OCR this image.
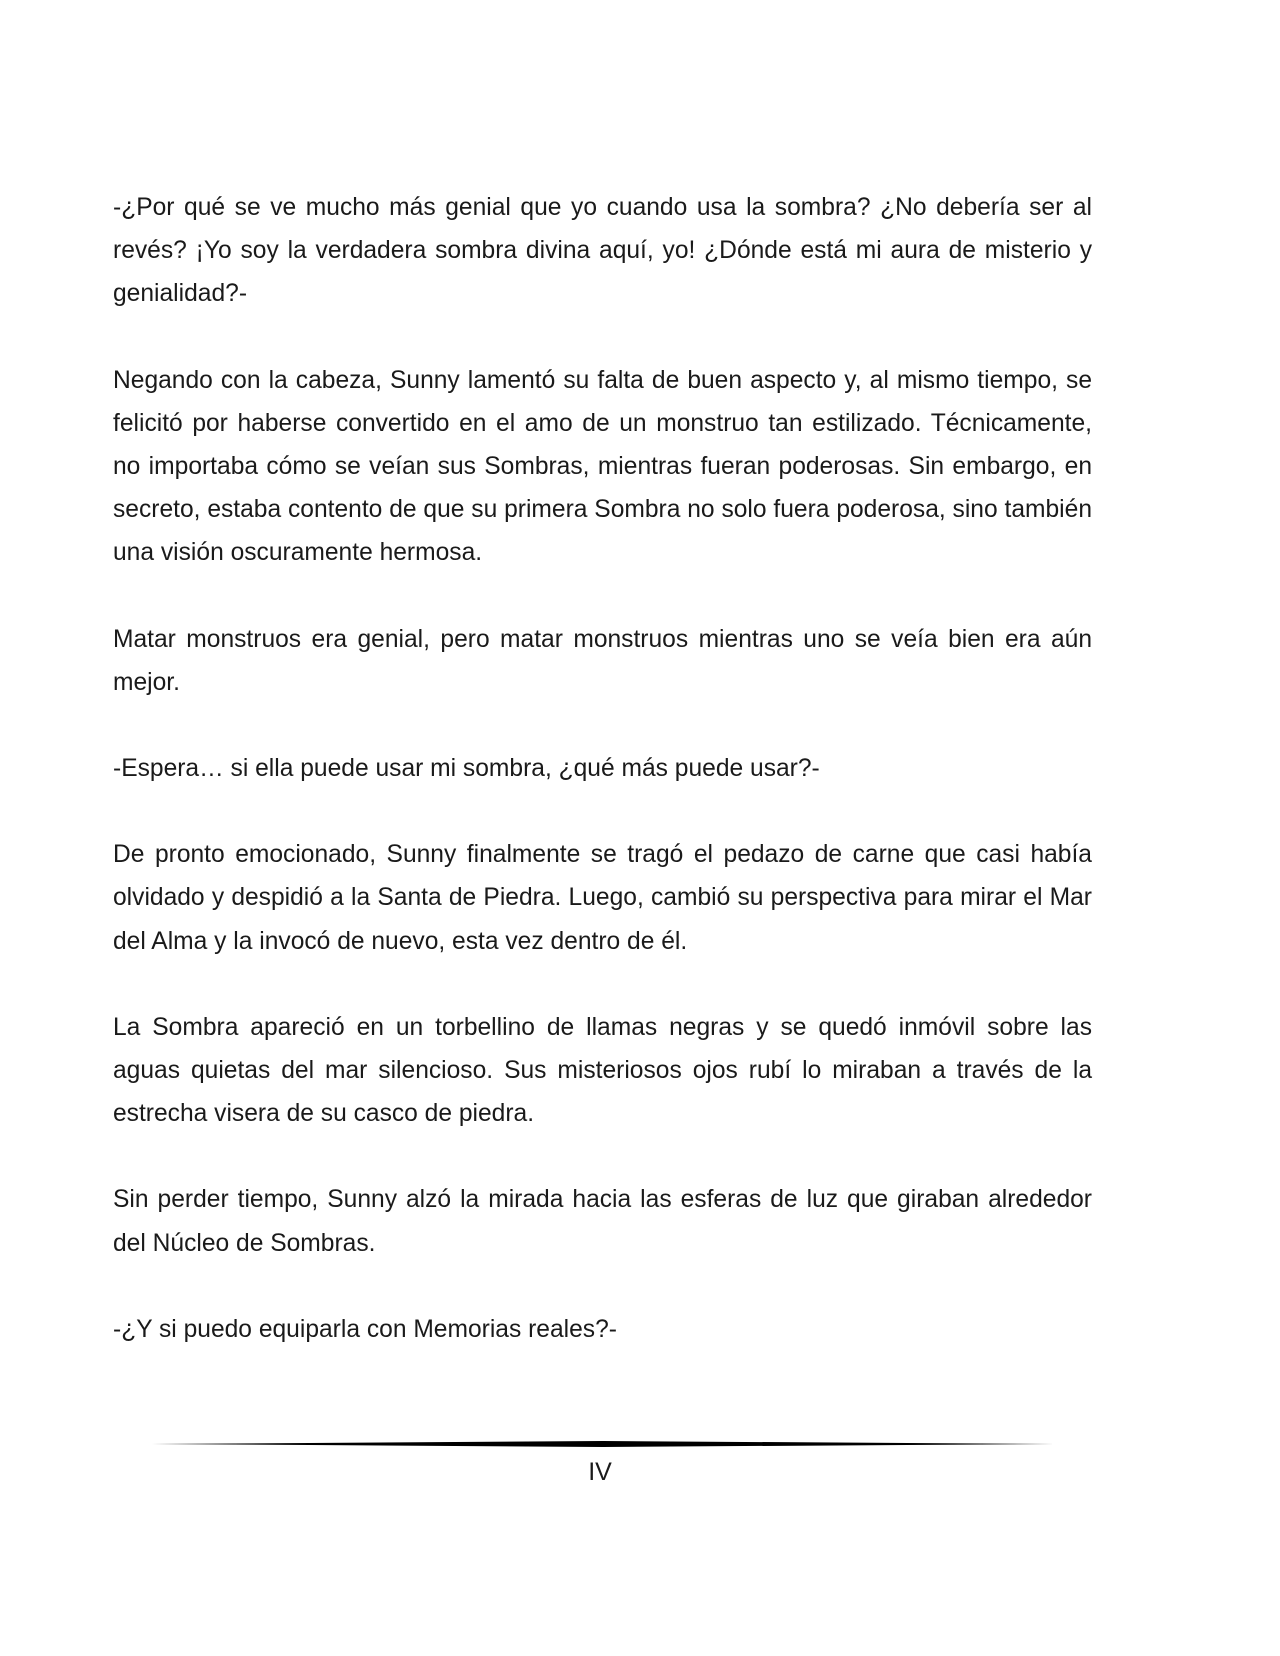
-¿Por qué se ve mucho más genial que yo cuando usa la sombra? ¿No debería ser al revés? ¡Yo soy la verdadera sombra divina aquí, yo! ¿Dónde está mi aura de misterio y genialidad?-

Negando con la cabeza, Sunny lamentó su falta de buen aspecto y, al mismo tiempo, se felicitó por haberse convertido en el amo de un monstruo tan estilizado. Técnicamente, no importaba cómo se veían sus Sombras, mientras fueran poderosas. Sin embargo, en secreto, estaba contento de que su primera Sombra no solo fuera poderosa, sino también una visión oscuramente hermosa.

Matar monstruos era genial, pero matar monstruos mientras uno se veía bien era aún mejor.

-Espera… si ella puede usar mi sombra, ¿qué más puede usar?-

De pronto emocionado, Sunny finalmente se tragó el pedazo de carne que casi había olvidado y despidió a la Santa de Piedra. Luego, cambió su perspectiva para mirar el Mar del Alma y la invocó de nuevo, esta vez dentro de él.

La Sombra apareció en un torbellino de llamas negras y se quedó inmóvil sobre las aguas quietas del mar silencioso. Sus misteriosos ojos rubí lo miraban a través de la estrecha visera de su casco de piedra.

Sin perder tiempo, Sunny alzó la mirada hacia las esferas de luz que giraban alrededor del Núcleo de Sombras.

-¿Y si puedo equiparla con Memorias reales?-

IV
